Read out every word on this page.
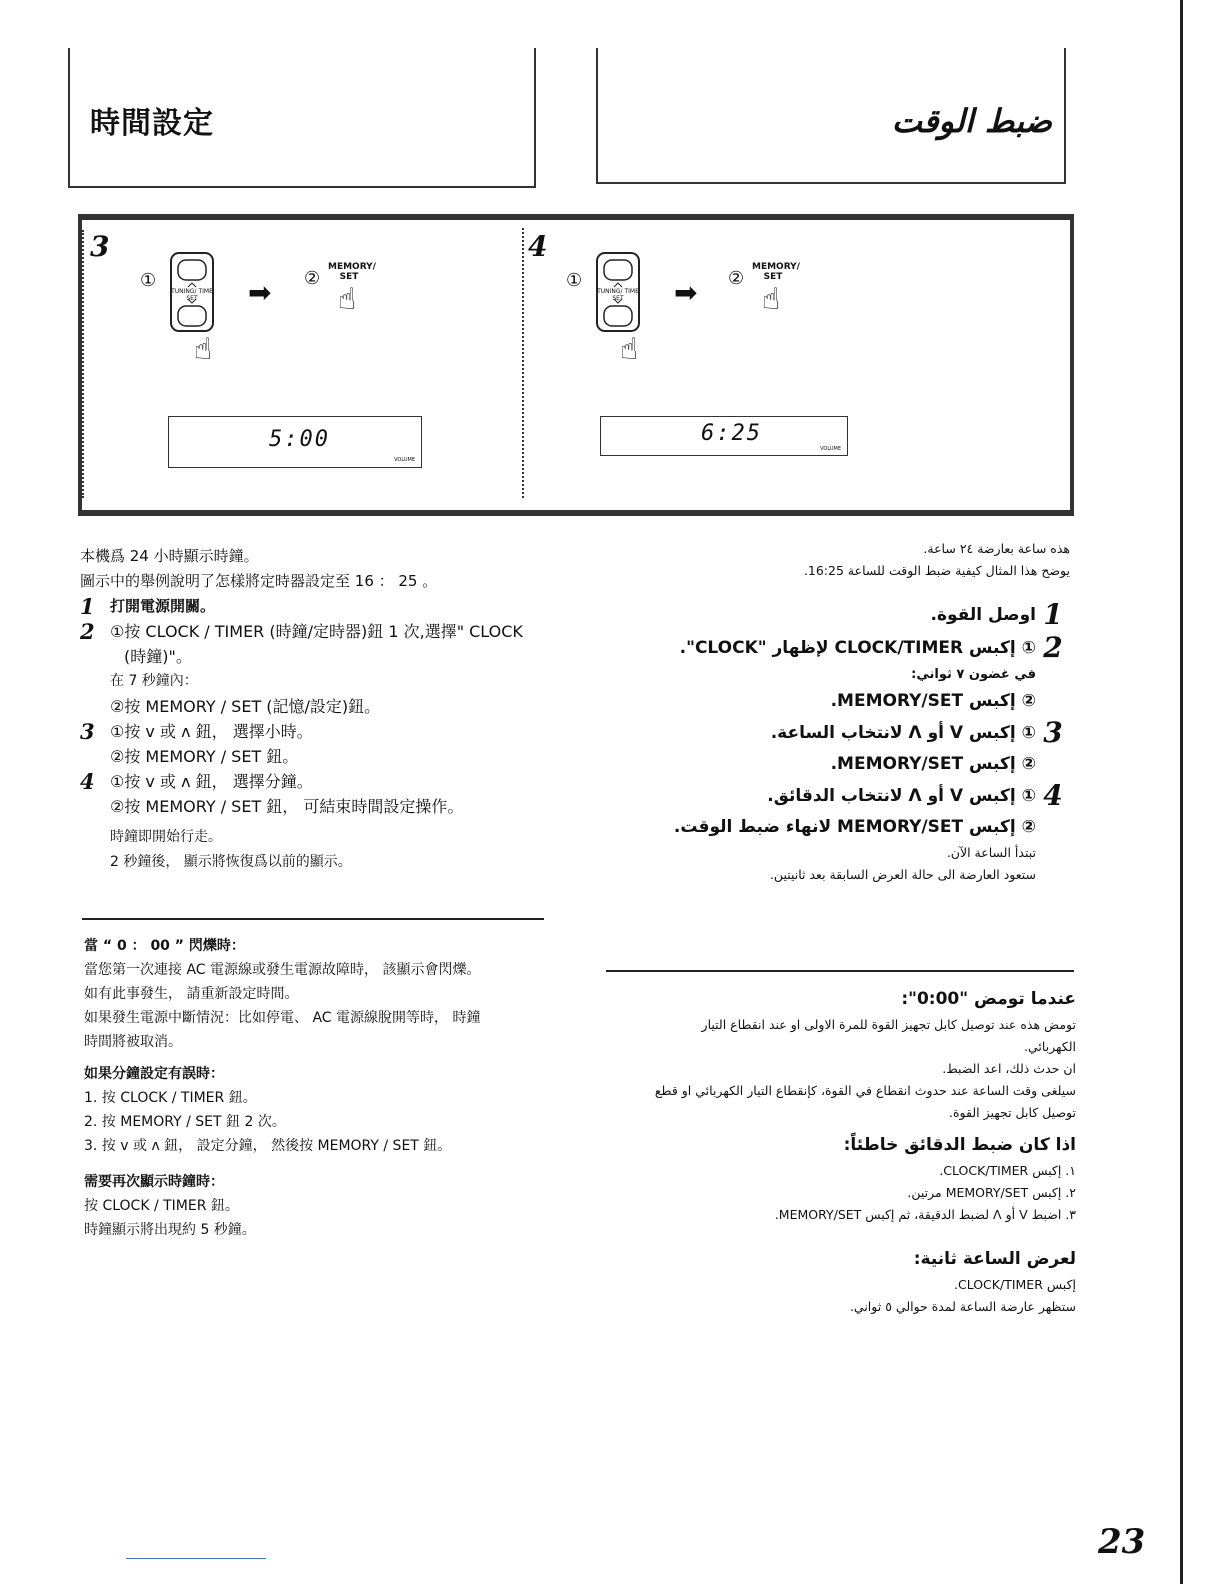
時間設定	ضبط الوقت
3
①
TUNING/ TIME SET
☝
➡ ②
MEMORY/ SET
☝
5:00
VOLUME
4
①
TUNING/ TIME SET
☝
➡ ②
MEMORY/ SET
☝
6:25
VOLUME

本機爲 24 小時顯示時鐘。

圖示中的舉例說明了怎樣將定時器設定至 16 ： 25 。

1	打開電源開關。
2 ①按 CLOCK / TIMER (時鐘/定時器)鈕 1 次,選擇" CLOCK

(時鐘)"。

在 7 秒鐘內：

②按 MEMORY / SET (記憶/設定)鈕。

3 ①按 v 或 ʌ 鈕， 選擇小時。

②按 MEMORY / SET 鈕。

4 ①按 v 或 ʌ 鈕， 選擇分鐘。

②按 MEMORY / SET 鈕， 可結束時間設定操作。

時鐘即開始行走。

2 秒鐘後， 顯示將恢復爲以前的顯示。

當 “ 0 ： 00 ” 閃爍時：

當您第一次連接 AC 電源線或發生電源故障時， 該顯示會閃爍。

如有此事發生， 請重新設定時間。

如果發生電源中斷情況：比如停電、 AC 電源線脫開等時， 時鐘

時間將被取消。

如果分鐘設定有誤時：

1. 按 CLOCK / TIMER 鈕。

2. 按 MEMORY / SET 鈕 2 次。

3. 按 v 或 ʌ 鈕， 設定分鐘， 然後按 MEMORY / SET 鈕。

需要再次顯示時鐘時：

按 CLOCK / TIMER 鈕。

時鐘顯示將出現約 5 秒鐘。

هذه ساعة بعارضة ٢٤ ساعة.
يوضح هذا المثال كيفية ضبط الوقت للساعة 16:25.
1
اوصل القوة.
2
① إكبس CLOCK/TIMER لإظهار "CLOCK".
في غضون ٧ ثواني:
② إكبس MEMORY/SET.
3
① إكبس V أو Λ لانتخاب الساعة.
② إكبس MEMORY/SET.
4
① إكبس V أو Λ لانتخاب الدقائق.
② إكبس MEMORY/SET لانهاء ضبط الوقت.
تبتدأ الساعة الآن.
ستعود العارضة الى حالة العرض السابقة بعد ثانيتين.
عندما تومض "0:00":
تومض هذه عند توصيل كابل تجهيز القوة للمرة الاولى او عند انقطاع التيار
الكهربائي.
ان حدث ذلك، اعد الضبط.
سيلغى وقت الساعة عند حدوث انقطاع في القوة، كإنقطاع التيار الكهربائي او قطع
توصيل كابل تجهيز القوة.
اذا كان ضبط الدقائق خاطئاً:
١. إكبس CLOCK/TIMER.
٢. إكبس MEMORY/SET مرتين.
٣. اضبط V أو Λ لضبط الدقيقة، ثم إكبس MEMORY/SET.
لعرض الساعة ثانية:
إكبس CLOCK/TIMER.
ستظهر عارضة الساعة لمدة حوالي ٥ ثواني.
23
